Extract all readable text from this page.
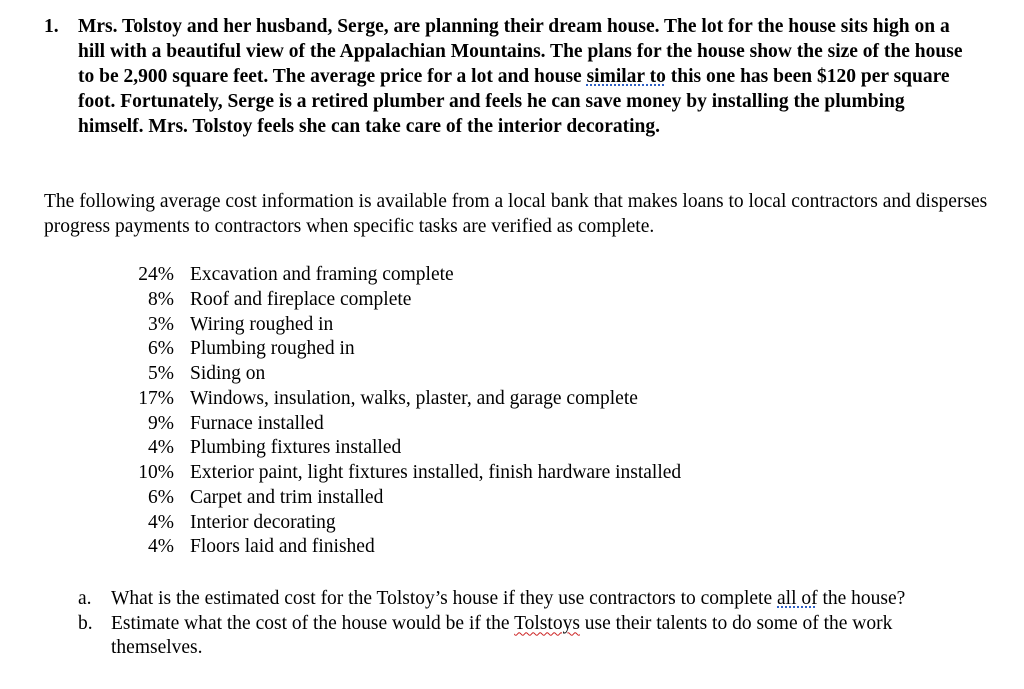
1. Mrs. Tolstoy and her husband, Serge, are planning their dream house. The lot for the house sits high on a hill with a beautiful view of the Appalachian Mountains. The plans for the house show the size of the house to be 2,900 square feet. The average price for a lot and house similar to this one has been $120 per square foot. Fortunately, Serge is a retired plumber and feels he can save money by installing the plumbing himself. Mrs. Tolstoy feels she can take care of the interior decorating.
The following average cost information is available from a local bank that makes loans to local contractors and disperses progress payments to contractors when specific tasks are verified as complete.
24% Excavation and framing complete
8% Roof and fireplace complete
3% Wiring roughed in
6% Plumbing roughed in
5% Siding on
17% Windows, insulation, walks, plaster, and garage complete
9% Furnace installed
4% Plumbing fixtures installed
10% Exterior paint, light fixtures installed, finish hardware installed
6% Carpet and trim installed
4% Interior decorating
4% Floors laid and finished
a. What is the estimated cost for the Tolstoy’s house if they use contractors to complete all of the house?
b. Estimate what the cost of the house would be if the Tolstoys use their talents to do some of the work themselves.
